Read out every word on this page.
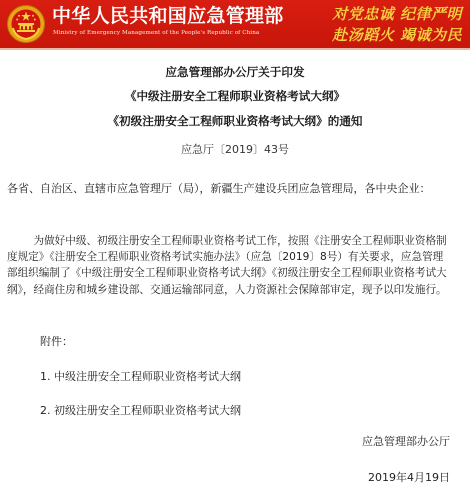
中华人民共和国应急管理部
Ministry of Emergency Management of the People's Republic of China
对党忠诚 纪律严明
赴汤蹈火 竭诚为民
应急管理部办公厅关于印发
《中级注册安全工程师职业资格考试大纲》
《初级注册安全工程师职业资格考试大纲》的通知
应急厅〔2019〕43号
各省、自治区、直辖市应急管理厅（局），新疆生产建设兵团应急管理局，各中央企业：
为做好中级、初级注册安全工程师职业资格考试工作，按照《注册安全工程师职业资格制度规定》《注册安全工程师职业资格考试实施办法》（应急〔2019〕8号）有关要求，应急管理部组织编制了《中级注册安全工程师职业资格考试大纲》《初级注册安全工程师职业资格考试大纲》，经商住房和城乡建设部、交通运输部同意，人力资源社会保障部审定，现予以印发施行。
附件：
1. 中级注册安全工程师职业资格考试大纲
2. 初级注册安全工程师职业资格考试大纲
应急管理部办公厅
2019年4月19日
